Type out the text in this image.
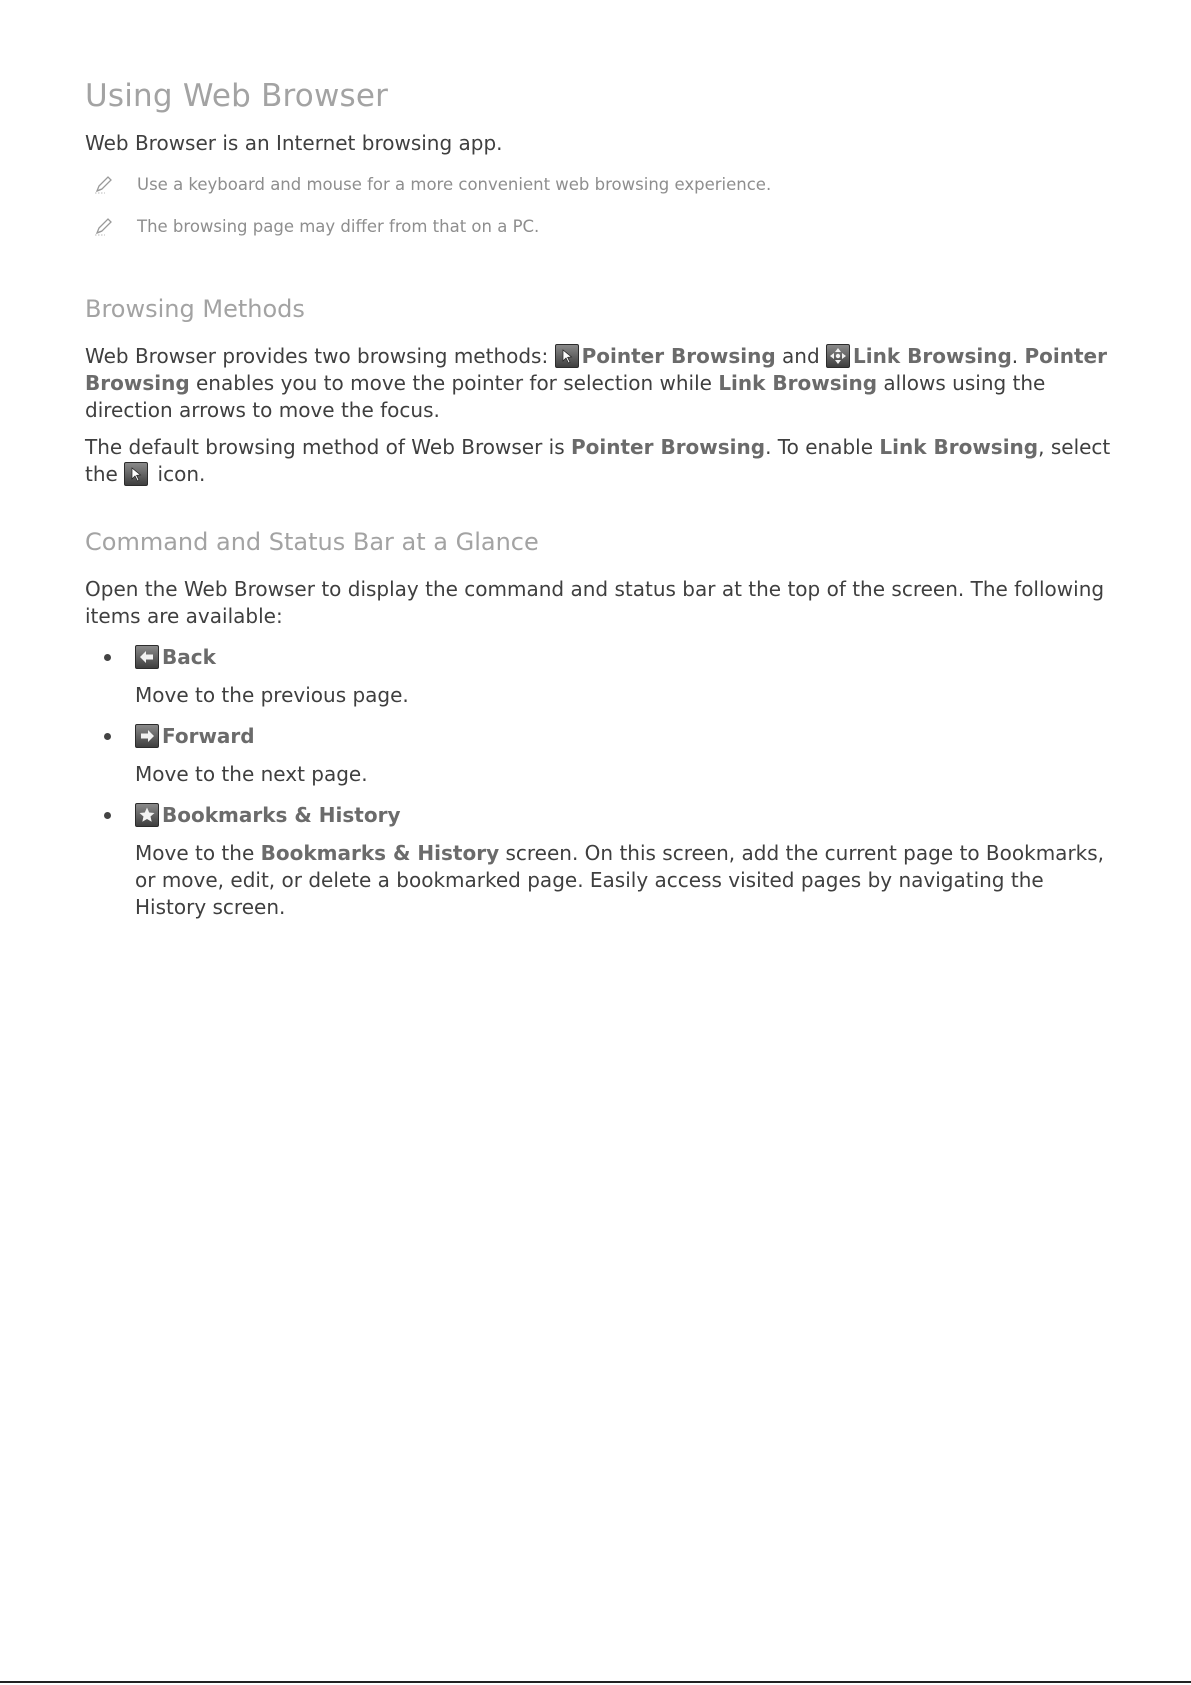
Using Web Browser

Web Browser is an Internet browsing app.

Use a keyboard and mouse for a more convenient web browsing experience.
The browsing page may differ from that on a PC.
Browsing Methods

Web Browser provides two browsing methods:
Pointer Browsing and
Link Browsing. Pointer Browsing enables you to move the pointer for selection while Link Browsing allows using the direction arrows to move the focus.

The default browsing method of Web Browser is Pointer Browsing. To enable Link Browsing, select the
icon.

Command and Status Bar at a Glance

Open the Web Browser to display the command and status bar at the top of the screen. The following items are available:

Back
Move to the previous page.
Forward
Move to the next page.
Bookmarks & History
Move to the Bookmarks & History screen. On this screen, add the current page to Bookmarks, or move, edit, or delete a bookmarked page. Easily access visited pages by navigating the History screen.
